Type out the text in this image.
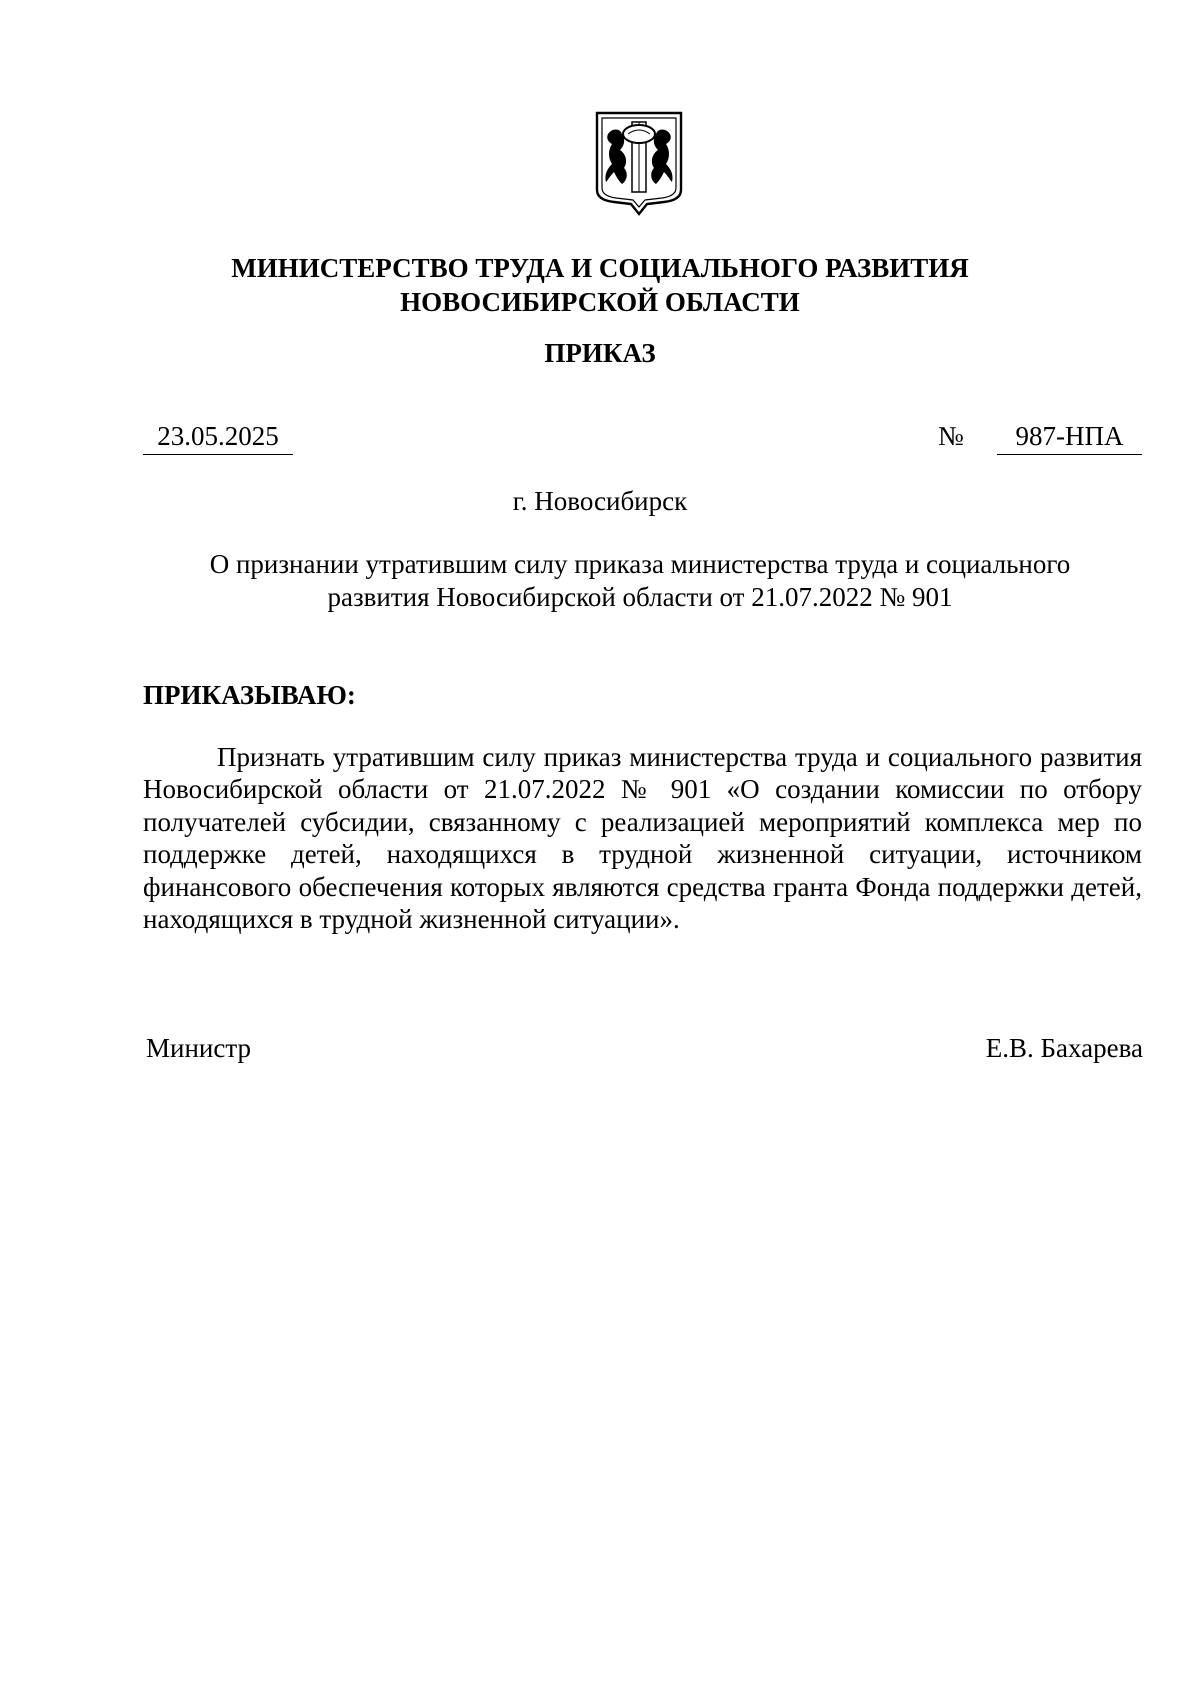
МИНИСТЕРСТВО ТРУДА И СОЦИАЛЬНОГО РАЗВИТИЯ
НОВОСИБИРСКОЙ ОБЛАСТИ
ПРИКАЗ
23.05.2025	№	987-НПА
г. Новосибирск
О признании утратившим силу приказа министерства труда и социального
развития Новосибирской области от 21.07.2022 № 901
ПРИКАЗЫВАЮ:
Признать утратившим силу приказ министерства труда и социального развития Новосибирской области от 21.07.2022 № 901 «О создании комиссии по отбору получателей субсидии, связанному с реализацией мероприятий комплекса мер по поддержке детей, находящихся в трудной жизненной ситуации, источником финансового обеспечения которых являются средства гранта Фонда поддержки детей, находящихся в трудной жизненной ситуации».
Министр	Е.В. Бахарева
